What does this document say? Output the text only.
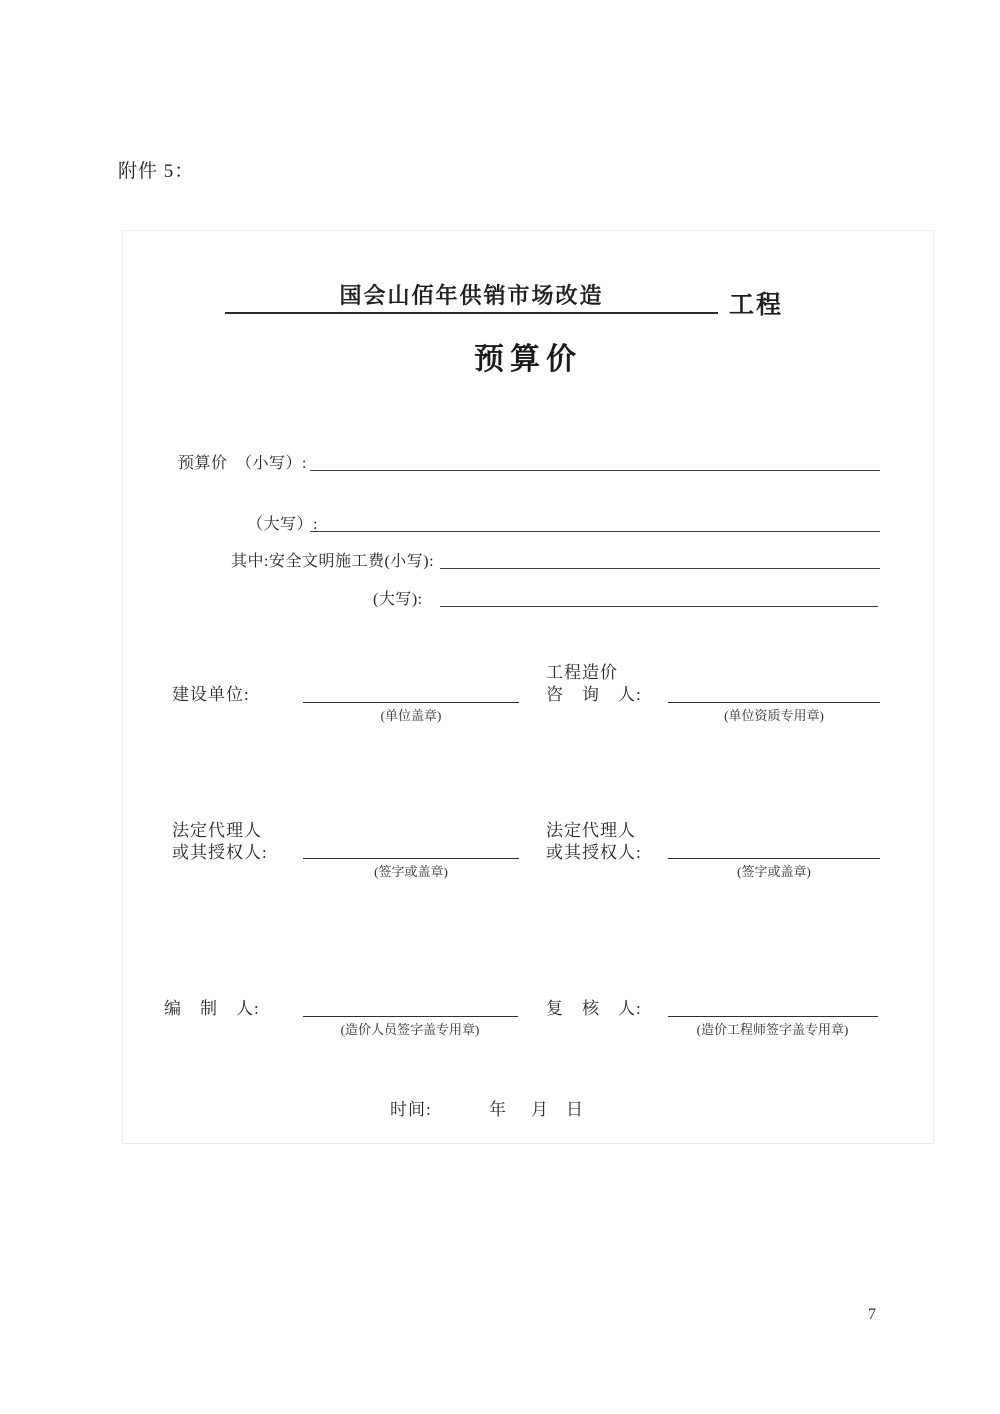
附件 5：
国会山佰年供销市场改造	工程
预算价
预算价　（小写）:
（大写）:
其中:安全文明施工费(小写):
(大写):
建设单位:
(单位盖章)
工程造价
咨　询　人:
(单位资质专用章)
法定代理人
或其授权人:
(签字或盖章)
法定代理人
或其授权人:
(签字或盖章)
编　制　人:
(造价人员签字盖专用章)
复　核　人:
(造价工程师签字盖专用章)
时间:	年 月 日
7
